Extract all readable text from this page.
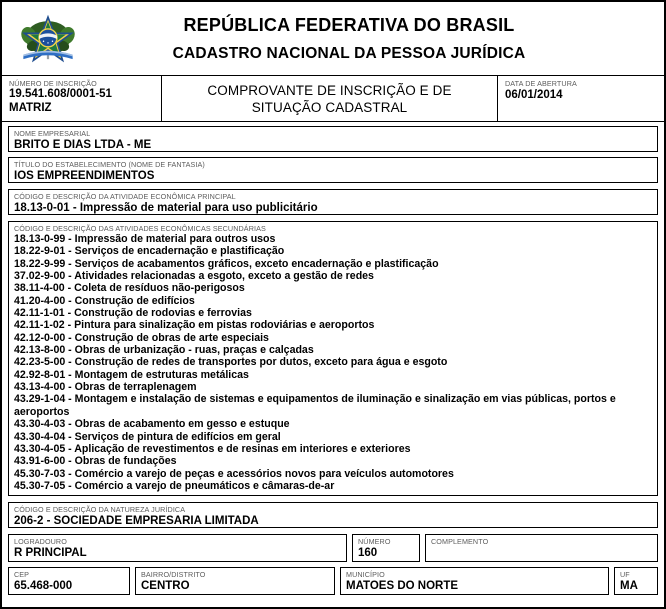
REPÚBLICA FEDERATIVA DO BRASIL
CADASTRO NACIONAL DA PESSOA JURÍDICA
NÚMERO DE INSCRIÇÃO
19.541.608/0001-51
MATRIZ
COMPROVANTE DE INSCRIÇÃO E DE
SITUAÇÃO CADASTRAL
DATA DE ABERTURA
06/01/2014
NOME EMPRESARIAL
BRITO E DIAS LTDA - ME
TÍTULO DO ESTABELECIMENTO (NOME DE FANTASIA)
IOS EMPREENDIMENTOS
CÓDIGO E DESCRIÇÃO DA ATIVIDADE ECONÔMICA PRINCIPAL
18.13-0-01 - Impressão de material para uso publicitário
CÓDIGO E DESCRIÇÃO DAS ATIVIDADES ECONÔMICAS SECUNDÁRIAS
18.13-0-99 - Impressão de material para outros usos
18.22-9-01 - Serviços de encadernação e plastificação
18.22-9-99 - Serviços de acabamentos gráficos, exceto encadernação e plastificação
37.02-9-00 - Atividades relacionadas a esgoto, exceto a gestão de redes
38.11-4-00 - Coleta de resíduos não-perigosos
41.20-4-00 - Construção de edifícios
42.11-1-01 - Construção de rodovias e ferrovias
42.11-1-02 - Pintura para sinalização em pistas rodoviárias e aeroportos
42.12-0-00 - Construção de obras de arte especiais
42.13-8-00 - Obras de urbanização - ruas, praças e calçadas
42.23-5-00 - Construção de redes de transportes por dutos, exceto para água e esgoto
42.92-8-01 - Montagem de estruturas metálicas
43.13-4-00 - Obras de terraplenagem
43.29-1-04 - Montagem e instalação de sistemas e equipamentos de iluminação e sinalização em vias públicas, portos e aeroportos
43.30-4-03 - Obras de acabamento em gesso e estuque
43.30-4-04 - Serviços de pintura de edifícios em geral
43.30-4-05 - Aplicação de revestimentos e de resinas em interiores e exteriores
43.91-6-00 - Obras de fundações
45.30-7-03 - Comércio a varejo de peças e acessórios novos para veículos automotores
45.30-7-05 - Comércio a varejo de pneumáticos e câmaras-de-ar
CÓDIGO E DESCRIÇÃO DA NATUREZA JURÍDICA
206-2 - SOCIEDADE EMPRESARIA LIMITADA
LOGRADOURO
R PRINCIPAL
NÚMERO
160
COMPLEMENTO
CEP
65.468-000
BAIRRO/DISTRITO
CENTRO
MUNICÍPIO
MATOES DO NORTE
UF
MA
